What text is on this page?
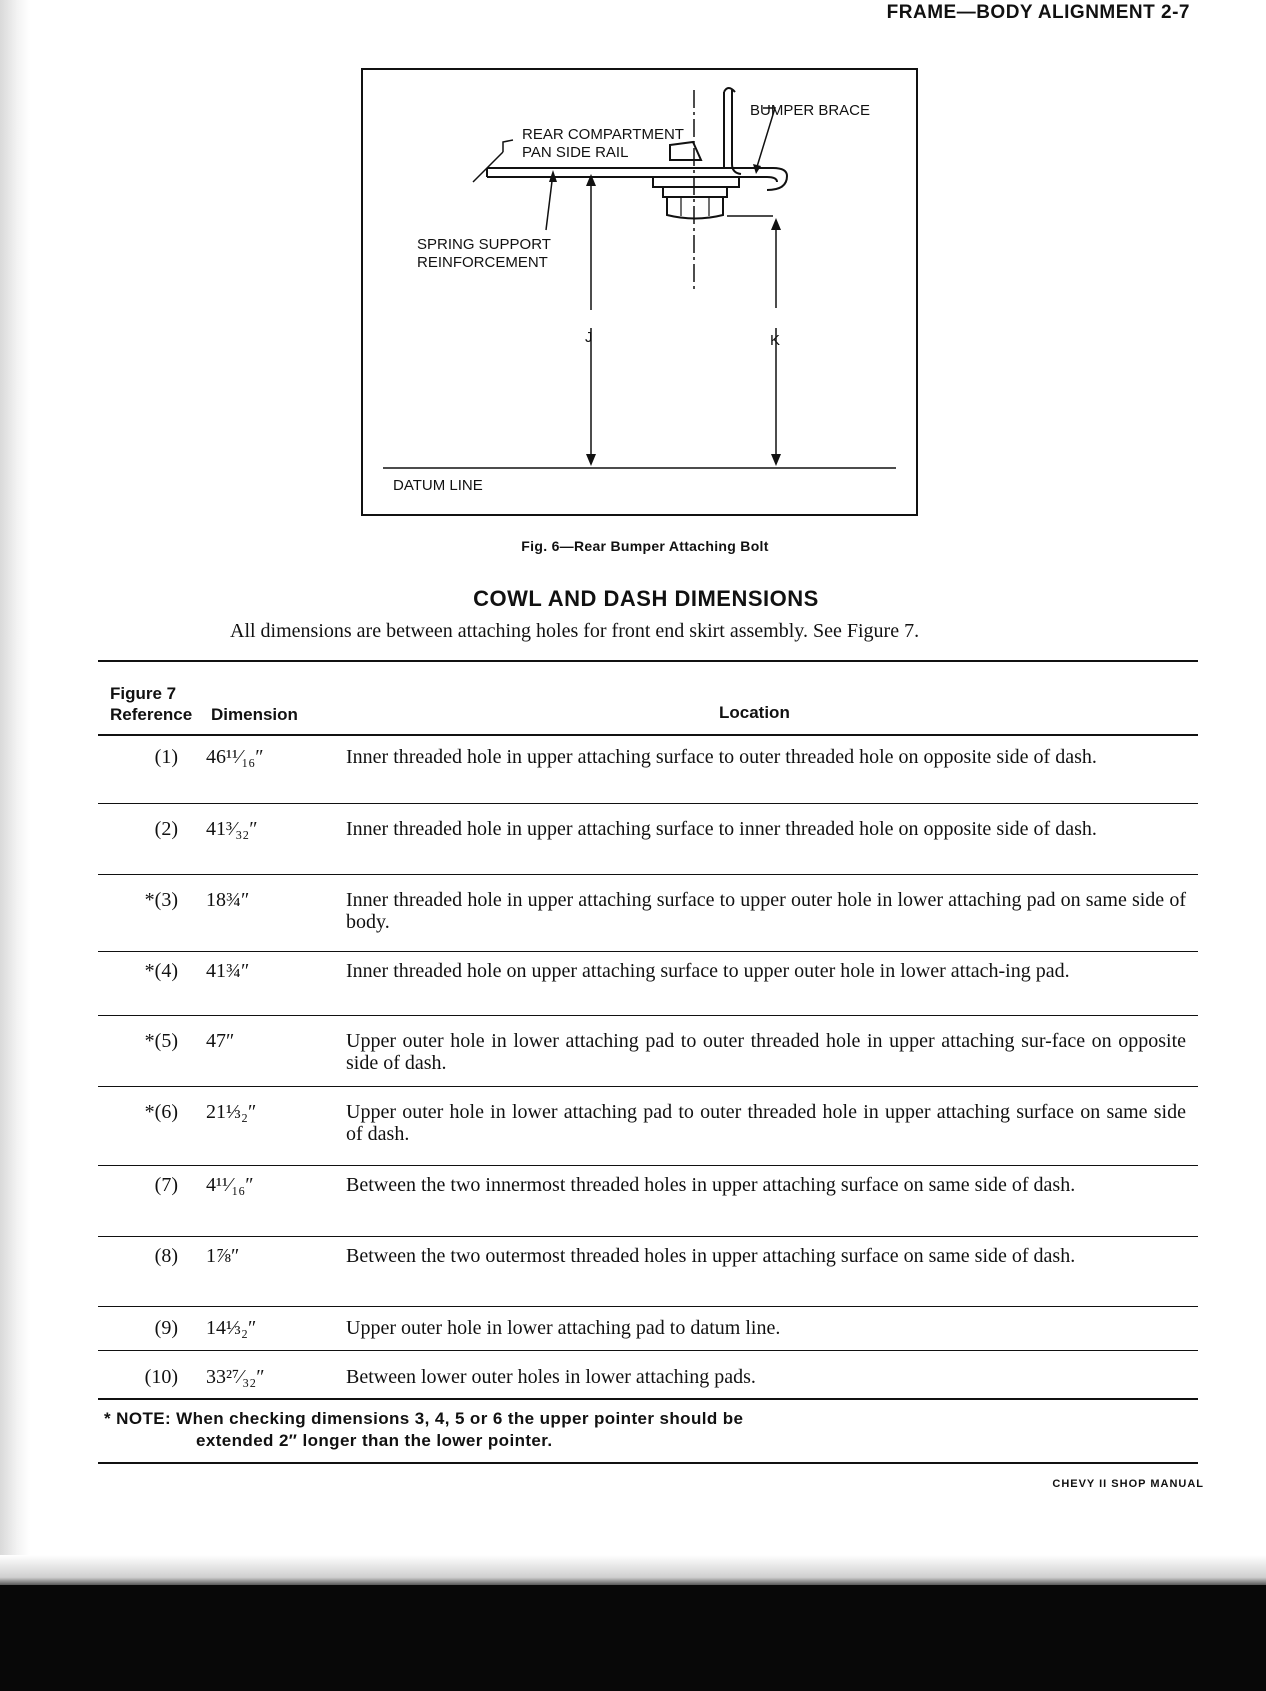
FRAME—BODY ALIGNMENT 2-7
BUMPER BRACE
REAR COMPARTMENT
PAN SIDE RAIL
SPRING SUPPORT
REINFORCEMENT
J	K
DATUM LINE
Fig. 6—Rear Bumper Attaching Bolt
COWL AND DASH DIMENSIONS
All dimensions are between attaching holes for front end skirt assembly. See Figure 7.
Figure 7
Reference Dimension	Location
(1) 46¹¹⁄₁₆″	Inner threaded hole in upper attaching surface to outer threaded hole on opposite side of dash.
(2) 41³⁄₃₂″	Inner threaded hole in upper attaching surface to inner threaded hole on opposite side of dash.
*(3) 18¾″	Inner threaded hole in upper attaching surface to upper outer hole in lower attaching pad on same side of body.
*(4) 41¾″	Inner threaded hole on upper attaching surface to upper outer hole in lower attach-ing pad.
*(5) 47″	Upper outer hole in lower attaching pad to outer threaded hole in upper attaching sur-face on opposite side of dash.
*(6) 21⅓₂″	Upper outer hole in lower attaching pad to outer threaded hole in upper attaching surface on same side of dash.
(7) 4¹¹⁄₁₆″	Between the two innermost threaded holes in upper attaching surface on same side of dash.
(8) 1⅞″	Between the two outermost threaded holes in upper attaching surface on same side of dash.
(9) 14⅓₂″	Upper outer hole in lower attaching pad to datum line.
(10) 33²⁷⁄₃₂″	Between lower outer holes in lower attaching pads.
* NOTE: When checking dimensions 3, 4, 5 or 6 the upper pointer should be
extended 2″ longer than the lower pointer.
CHEVY II SHOP MANUAL
